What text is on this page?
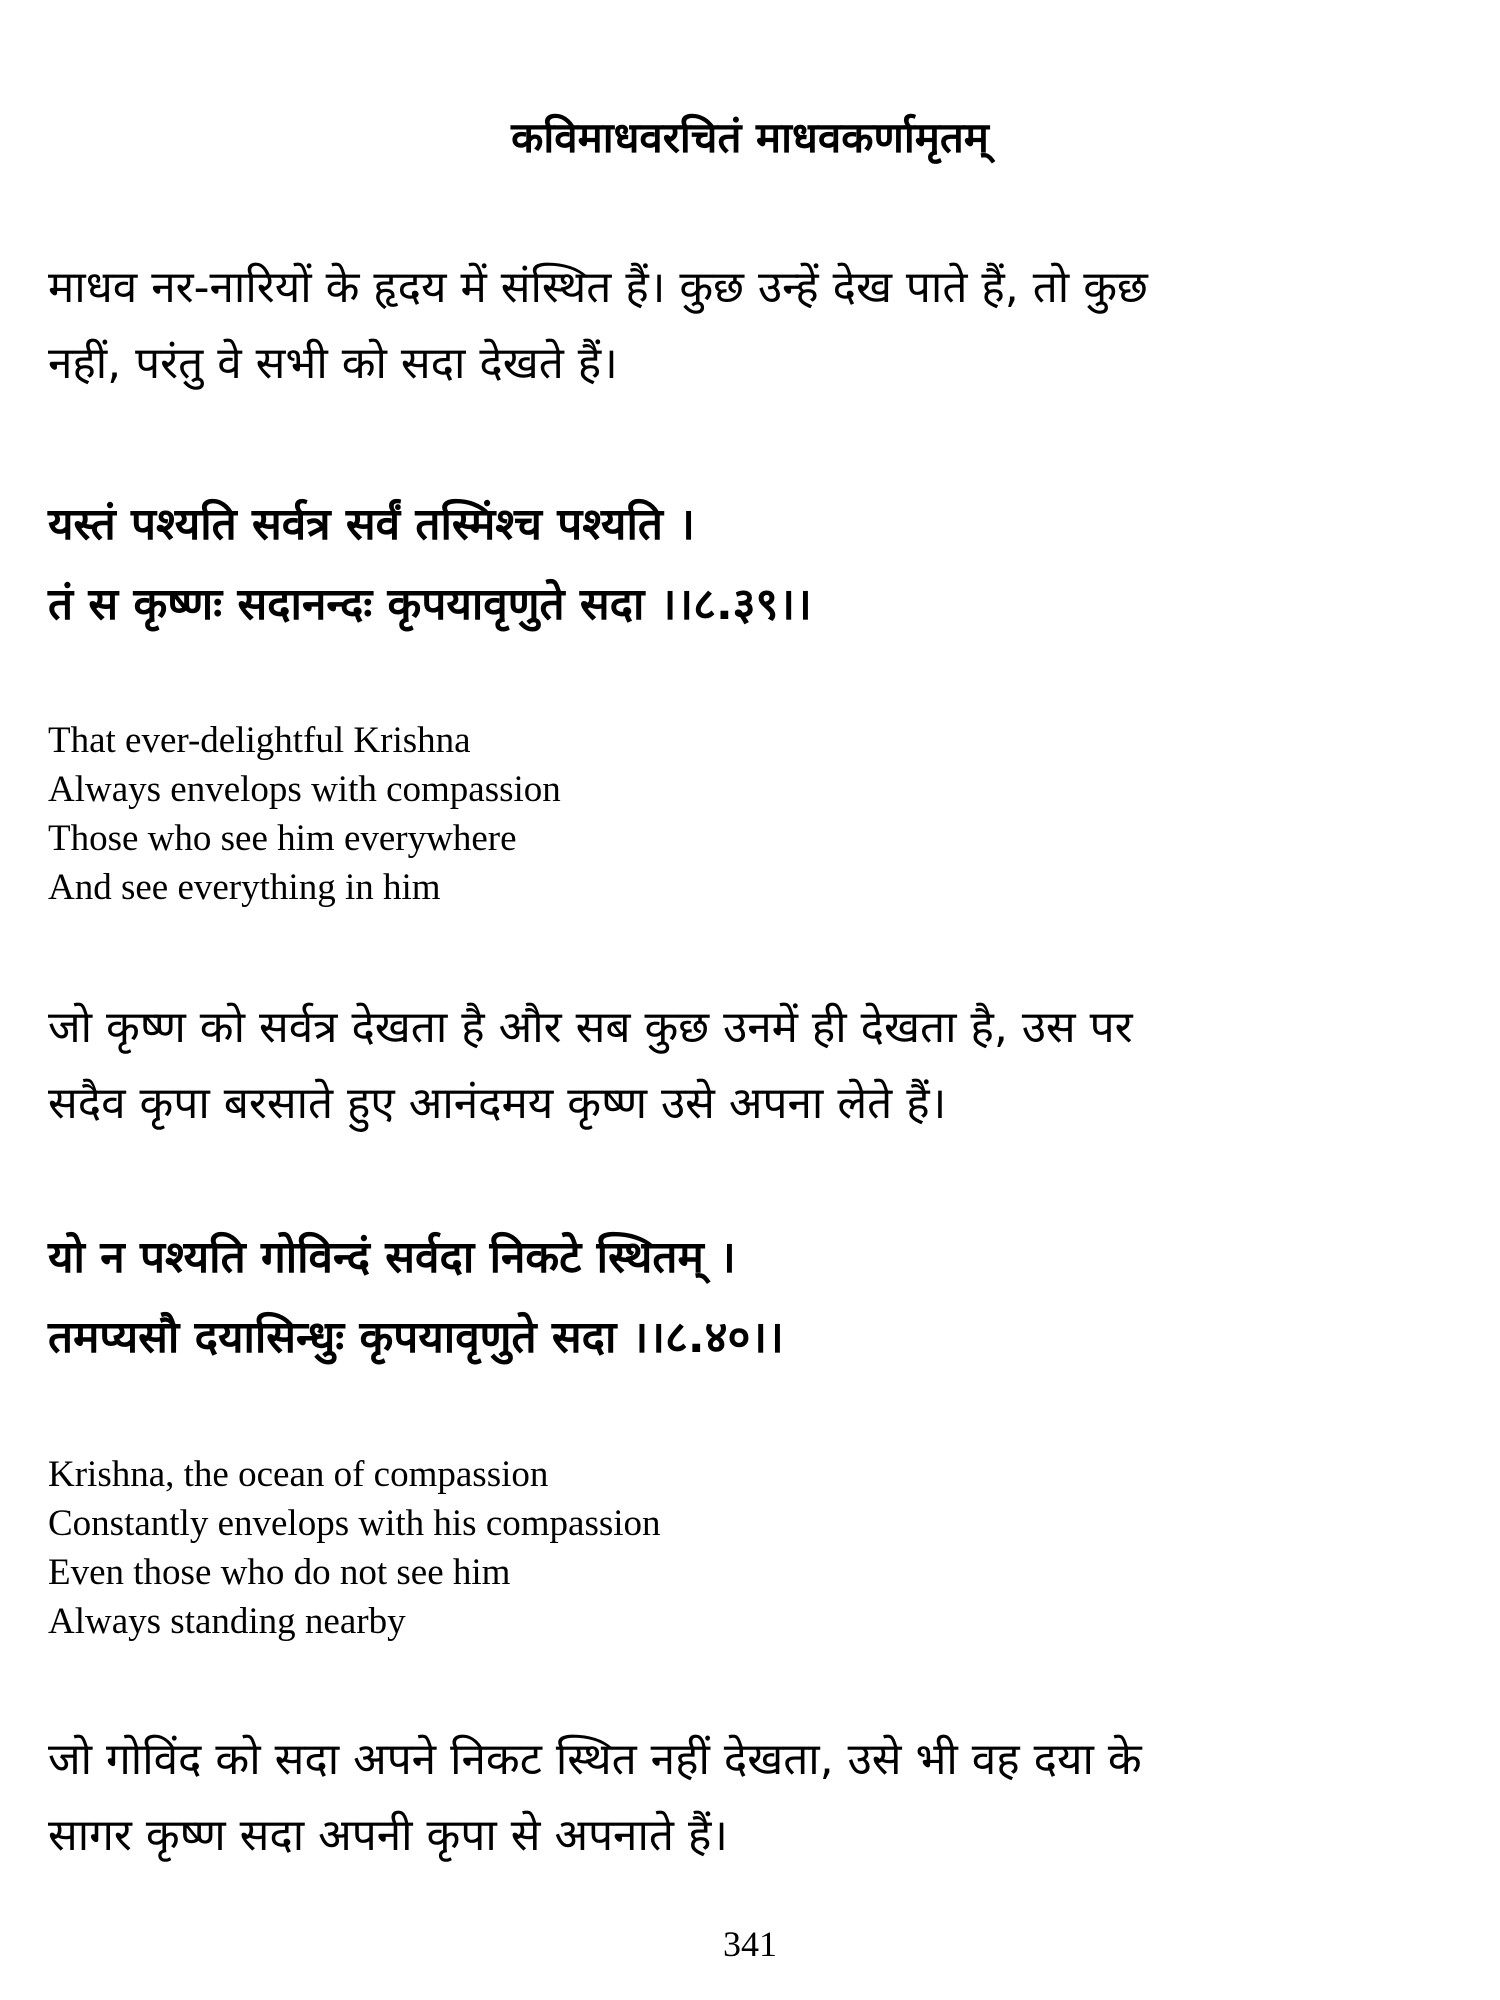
कविमाधवरचितं माधवकर्णामृतम्
माधव नर-नारियों के हृदय में संस्थित हैं। कुछ उन्हें देख पाते हैं, तो कुछ
नहीं, परंतु वे सभी को सदा देखते हैं।
यस्तं पश्यति सर्वत्र सर्वं तस्मिंश्च पश्यति ।
तं स कृष्णः सदानन्दः कृपयावृणुते सदा ।।८.३९।।
That ever-delightful Krishna
Always envelops with compassion
Those who see him everywhere
And see everything in him
जो कृष्ण को सर्वत्र देखता है और सब कुछ उनमें ही देखता है, उस पर
सदैव कृपा बरसाते हुए आनंदमय कृष्ण उसे अपना लेते हैं।
यो न पश्यति गोविन्दं सर्वदा निकटे स्थितम् ।
तमप्यसौ दयासिन्धुः कृपयावृणुते सदा ।।८.४०।।
Krishna, the ocean of compassion
Constantly envelops with his compassion
Even those who do not see him
Always standing nearby
जो गोविंद को सदा अपने निकट स्थित नहीं देखता, उसे भी वह दया के
सागर कृष्ण सदा अपनी कृपा से अपनाते हैं।
341
